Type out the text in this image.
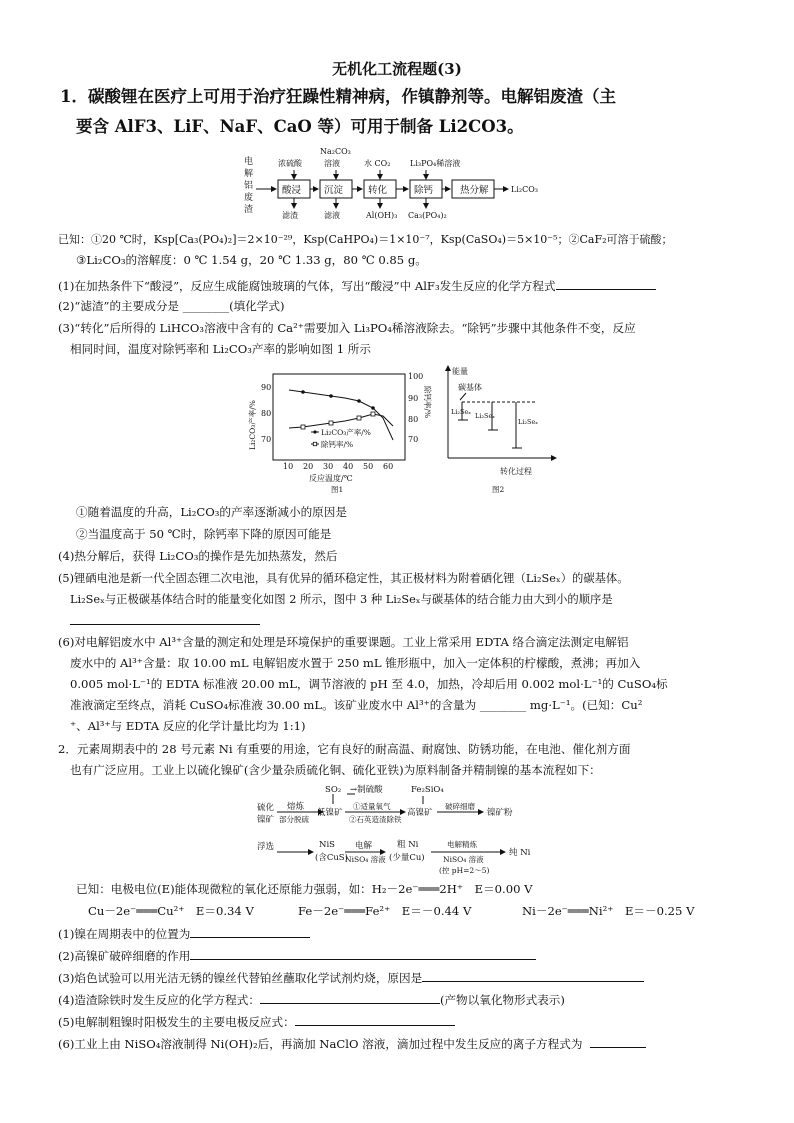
无机化工流程题(3)
1．碳酸锂在医疗上可用于治疗狂躁性精神病，作镇静剂等。电解铝废渣（主
要含 AlF3、LiF、NaF、CaO 等）可用于制备 Li2CO3。
电
解
铝
废
渣
酸浸 沉淀	转化	除钙	热分解
浓硫酸
Na₂CO₃
溶液	水 CO₂ Li₃PO₄稀溶液
滤渣	滤液	Al(OH)₃ Ca₃(PO₄)₂
Li₂CO₃
已知：①20 ℃时，Ksp[Ca₃(PO₄)₂]＝2×10⁻²⁹，Ksp(CaHPO₄)＝1×10⁻⁷，Ksp(CaSO₄)＝5×10⁻⁵；②CaF₂可溶于硫酸；
③Li₂CO₃的溶解度：0 ℃ 1.54 g，20 ℃ 1.33 g，80 ℃ 0.85 g。
(1)在加热条件下“酸浸”，反应生成能腐蚀玻璃的气体，写出“酸浸”中 AlF₃发生反应的化学方程式
(2)“滤渣”的主要成分是 ________(填化学式)
(3)“转化”后所得的 LiHCO₃溶液中含有的 Ca²⁺需要加入 Li₃PO₄稀溶液除去。“除钙”步骤中其他条件不变，反应
相同时间，温度对除钙率和 Li₂CO₃产率的影响如图 1 所示
90
80
70
100
90
80
70
10 20 30 40 50 60
反应温度/℃
图1
Li₂CO₃产率/%	除钙率/%
Li₂CO₃产率/%
除钙率/%
能量
碳基体
Li₂Seₓ Li₂Seₓ
Li₂Seₓ
转化过程
图2
①随着温度的升高，Li₂CO₃的产率逐渐减小的原因是
②当温度高于 50 ℃时，除钙率下降的原因可能是
(4)热分解后，获得 Li₂CO₃的操作是先加热蒸发，然后
(5)锂硒电池是新一代全固态锂二次电池，具有优异的循环稳定性，其正极材料为附着硒化锂（Li₂Seₓ）的碳基体。
Li₂Seₓ与正极碳基体结合时的能量变化如图 2 所示，图中 3 种 Li₂Seₓ与碳基体的结合能力由大到小的顺序是
(6)对电解铝废水中 Al³⁺含量的测定和处理是环境保护的重要课题。工业上常采用 EDTA 络合滴定法测定电解铝
废水中的 Al³⁺含量：取 10.00 mL 电解铝废水置于 250 mL 锥形瓶中，加入一定体积的柠檬酸，煮沸；再加入
0.005 mol·L⁻¹的 EDTA 标准液 20.00 mL，调节溶液的 pH 至 4.0，加热，冷却后用 0.002 mol·L⁻¹的 CuSO₄标
准液滴定至终点，消耗 CuSO₄标准液 30.00 mL。该矿业废水中 Al³⁺的含量为 ________ mg·L⁻¹。(已知：Cu²
⁺、Al³⁺与 EDTA 反应的化学计量比均为 1:1)
2．元素周期表中的 28 号元素 Ni 有重要的用途，它有良好的耐高温、耐腐蚀、防锈功能，在电池、催化剂方面
也有广泛应用。工业上以硫化镍矿(含少量杂质硫化铜、硫化亚铁)为原料制备并精制镍的基本流程如下：
硫化
镍矿
熔炼
部分脱硫
低镍矿
SO₂ →制硫酸
①适量氧气
②石英造渣除铁
Fe₂SiO₄
高镍矿
破碎细磨
镍矿粉
浮选	NiS
(含CuS)
电解
NiSO₄ 溶液
粗 Ni
(少量Cu)
电解精炼
NiSO₄ 溶液
(控 pH=2～5)
纯 Ni
已知：电极电位(E)能体现微粒的氧化还原能力强弱，如：H₂－2e⁻═══2H⁺　E＝0.00 V
Cu－2e⁻═══Cu²⁺　E＝0.34 V	Fe－2e⁻═══Fe²⁺　E＝－0.44 V	Ni－2e⁻═══Ni²⁺　E＝－0.25 V
(1)镍在周期表中的位置为
(2)高镍矿破碎细磨的作用
(3)焰色试验可以用光洁无锈的镍丝代替铂丝蘸取化学试剂灼烧，原因是
(4)造渣除铁时发生反应的化学方程式：	(产物以氧化物形式表示)
(5)电解制粗镍时阳极发生的主要电极反应式：
(6)工业上由 NiSO₄溶液制得 Ni(OH)₂后，再滴加 NaClO 溶液，滴加过程中发生反应的离子方程式为
